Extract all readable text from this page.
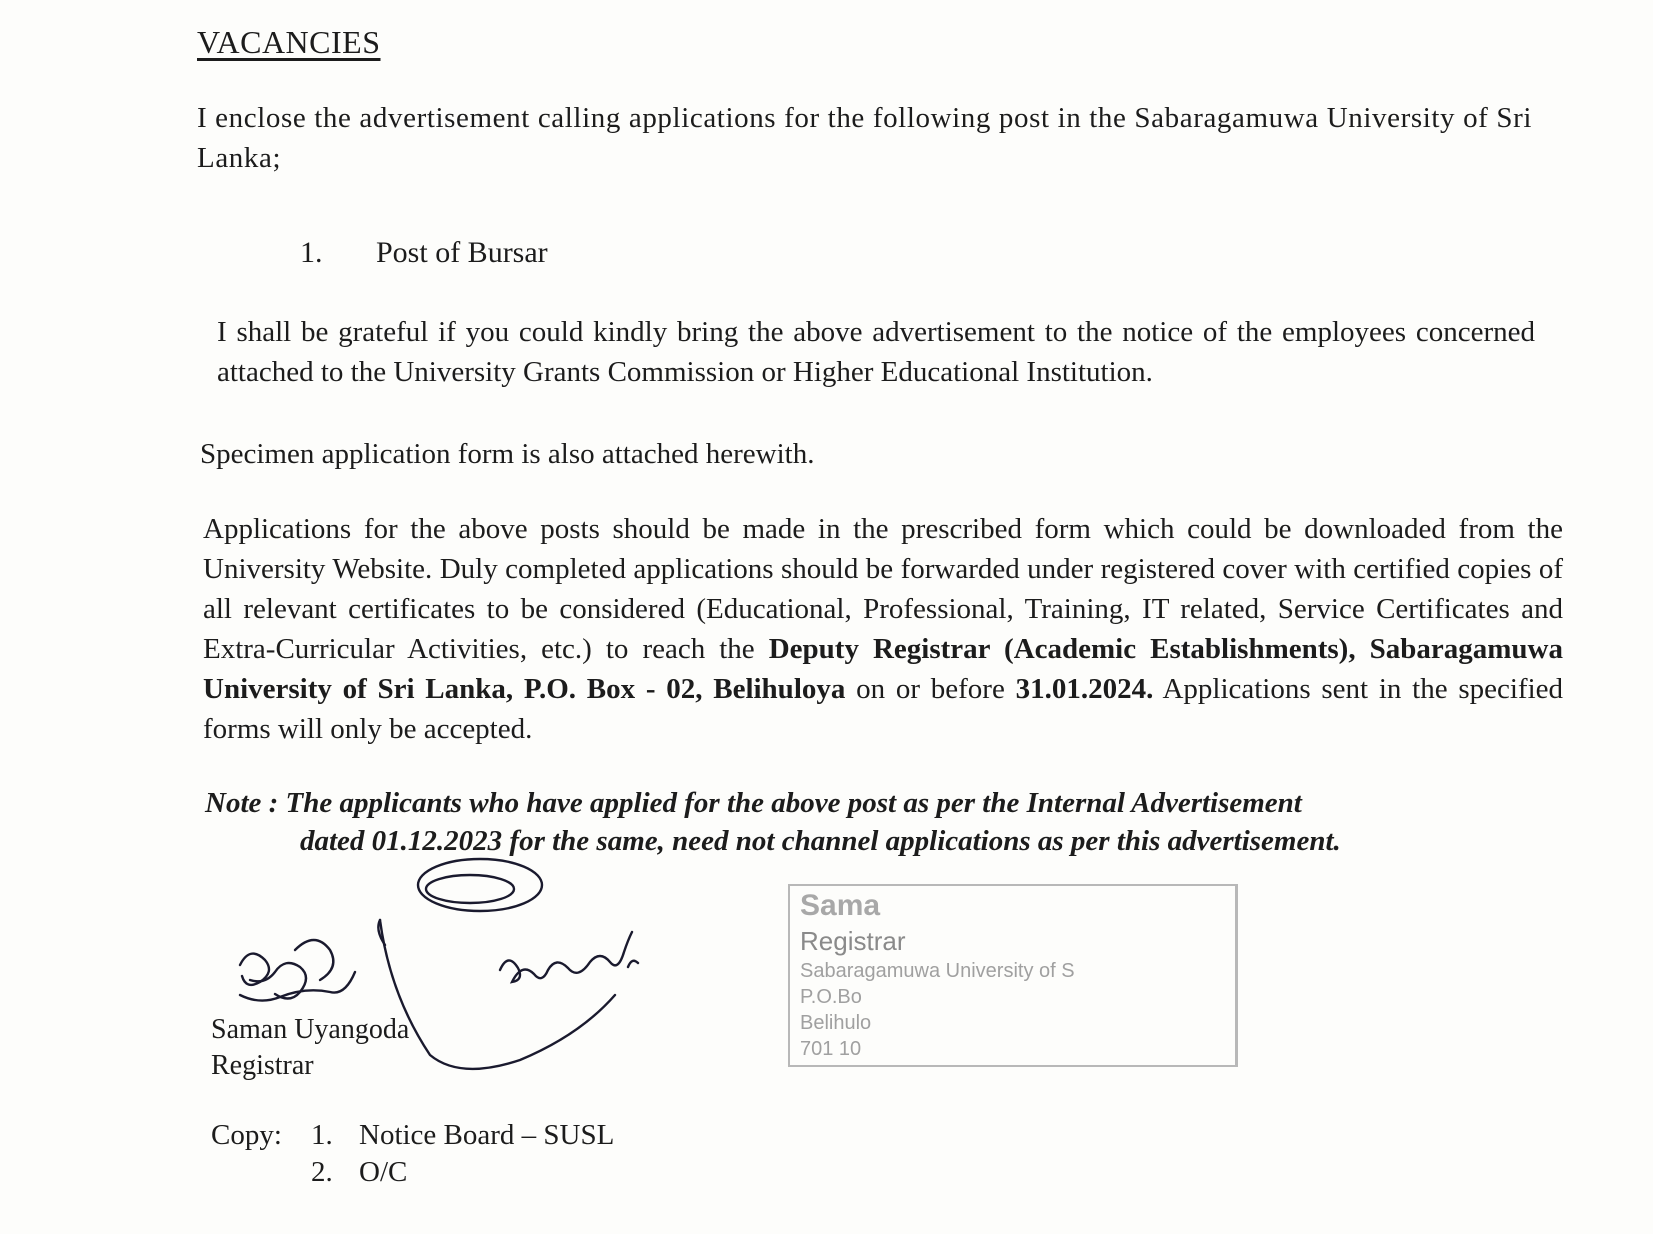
VACANCIES

I enclose the advertisement calling applications for the following post in the Sabaragamuwa University of Sri Lanka;

1. Post of Bursar

I shall be grateful if you could kindly bring the above advertisement to the notice of the employees concerned attached to the University Grants Commission or Higher Educational Institution.

Specimen application form is also attached herewith.

Applications for the above posts should be made in the prescribed form which could be downloaded from the University Website. Duly completed applications should be forwarded under registered cover with certified copies of all relevant certificates to be considered (Educational, Professional, Training, IT related, Service Certificates and Extra-Curricular Activities, etc.) to reach the Deputy Registrar (Academic Establishments), Sabaragamuwa University of Sri Lanka, P.O. Box - 02, Belihuloya on or before 31.01.2024. Applications sent in the specified forms will only be accepted.

Note : The applicants who have applied for the above post as per the Internal Advertisement
dated 01.12.2023 for the same, need not channel applications as per this advertisement.
Saman Uyangoda
Registrar
Sama
Registrar
Sabaragamuwa University of S
P.O.Bo
Belihulo
701 10
Copy: 1. Notice Board – SUSL
2. O/C
